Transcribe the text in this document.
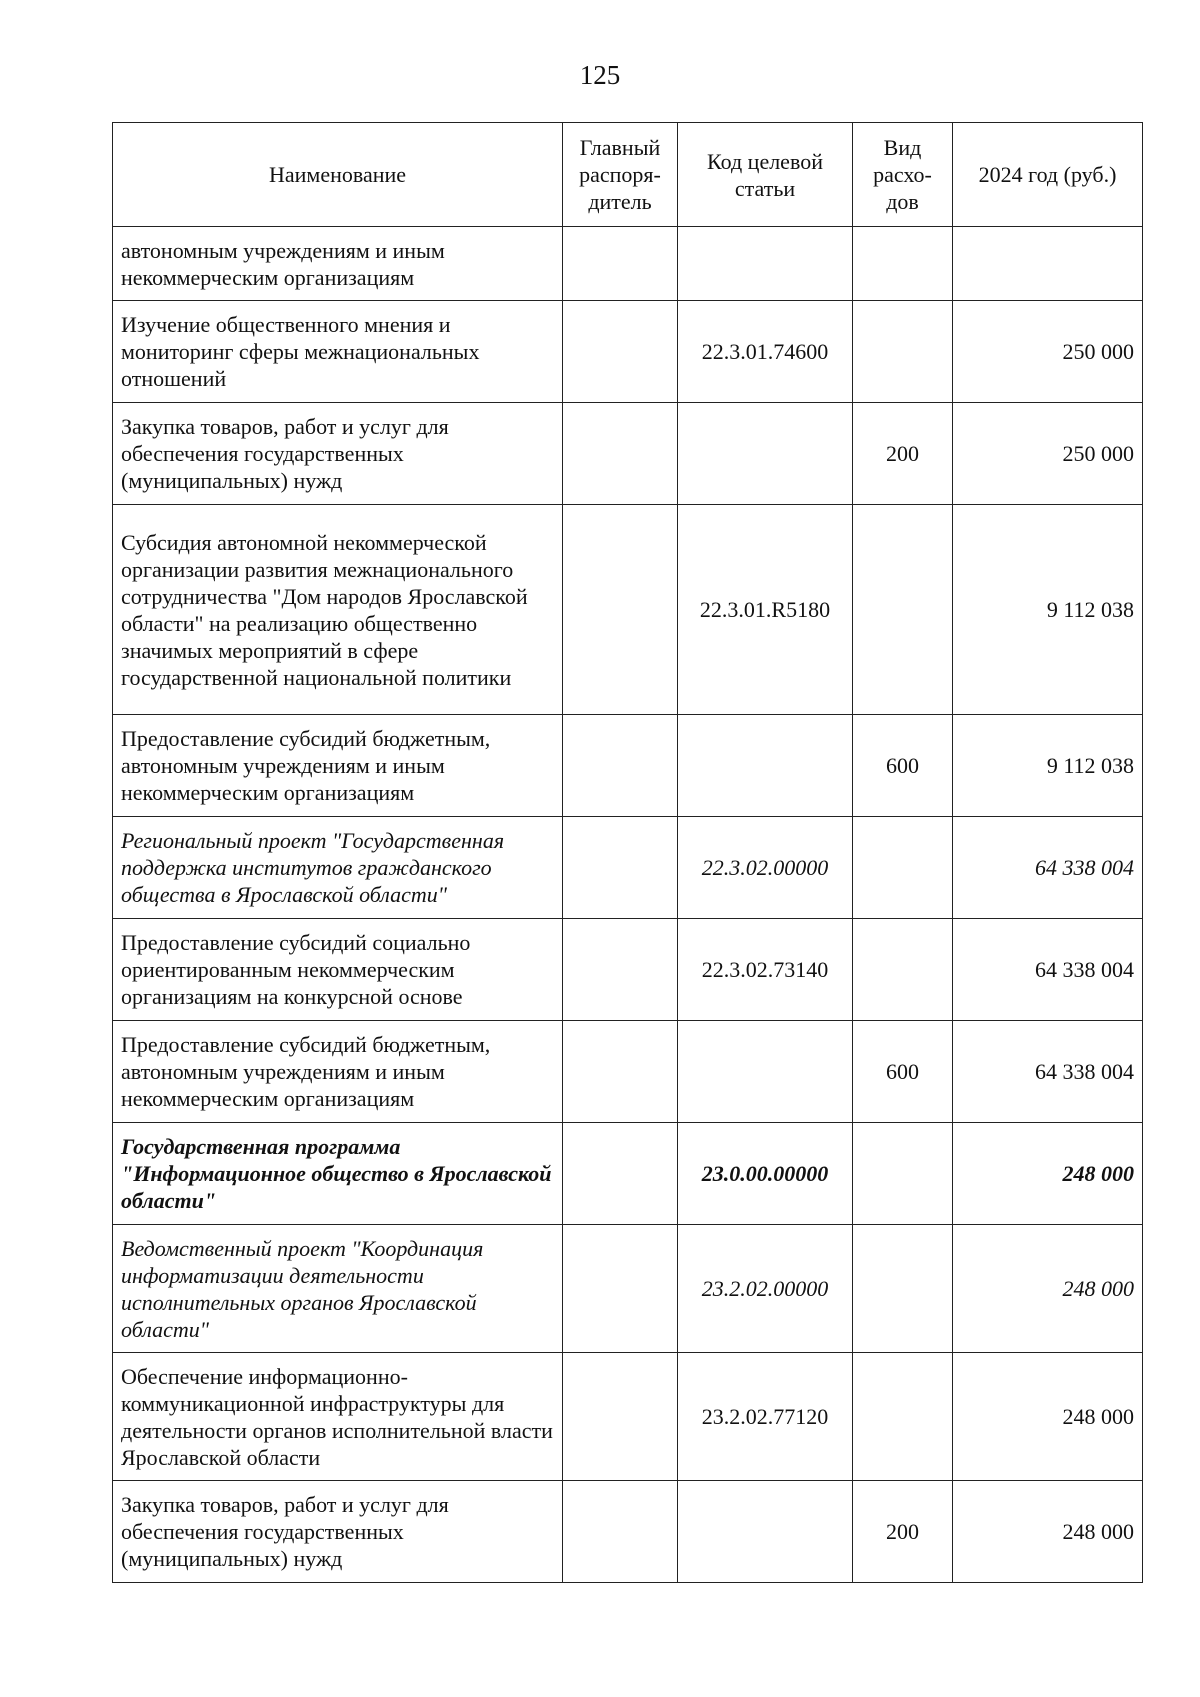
125
Наименование	Главный распоря-дитель	Код целевой статьи	Вид расхо-дов	2024 год (руб.)
автономным учреждениям и иным некоммерческим организациям				
Изучение общественного мнения и мониторинг сферы межнациональных отношений		22.3.01.74600		250 000
Закупка товаров, работ и услуг для обеспечения государственных (муниципальных) нужд			200	250 000
Субсидия автономной некоммерческой организации развития межнационального сотрудничества "Дом народов Ярославской области" на реализацию общественно значимых мероприятий в сфере государственной национальной политики		22.3.01.R5180		9 112 038
Предоставление субсидий бюджетным, автономным учреждениям и иным некоммерческим организациям			600	9 112 038
Региональный проект "Государственная поддержка институтов гражданского общества в Ярославской области"		22.3.02.00000		64 338 004
Предоставление субсидий социально ориентированным некоммерческим организациям на конкурсной основе		22.3.02.73140		64 338 004
Предоставление субсидий бюджетным, автономным учреждениям и иным некоммерческим организациям			600	64 338 004
Государственная программа "Информационное общество в Ярославской области"		23.0.00.00000		248 000
Ведомственный проект "Координация информатизации деятельности исполнительных органов Ярославской области"		23.2.02.00000		248 000
Обеспечение информационно-коммуникационной инфраструктуры для деятельности органов исполнительной власти Ярославской области		23.2.02.77120		248 000
Закупка товаров, работ и услуг для обеспечения государственных (муниципальных) нужд			200	248 000
